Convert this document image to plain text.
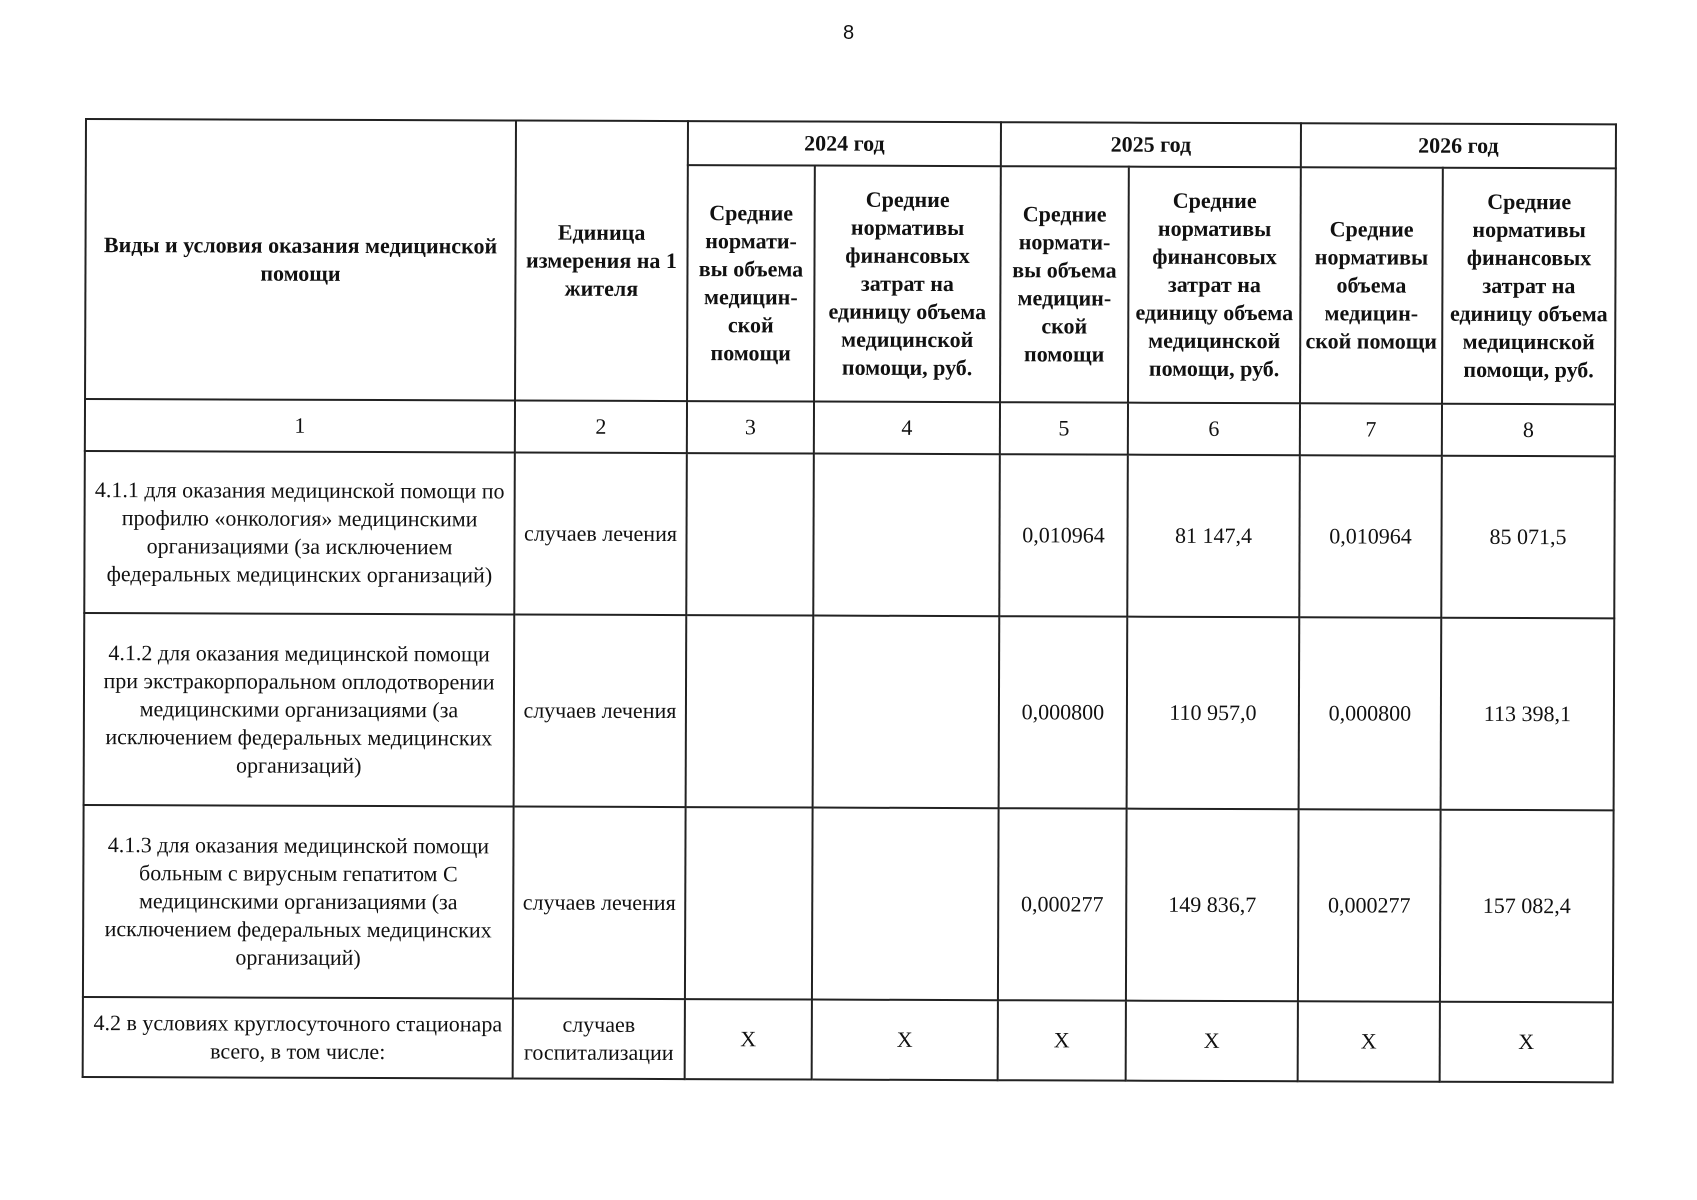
8
Виды и условия оказания медицинской помощи	Единица измерения на 1 жителя	2024 год		2025 год		2026 год	
		Средние нормати-вы объема медицин-ской помощи	Средние нормативы финансовых затрат на единицу объема медицинской помощи, руб.	Средние нормати-вы объема медицин-ской помощи	Средние нормативы финансовых затрат на единицу объема медицинской помощи, руб.	Средние нормативы объема медицин-ской помощи	Средние нормативы финансовых затрат на единицу объема медицинской помощи, руб.
1	2	3	4	5	6	7	8
4.1.1 для оказания медицинской помощи по профилю «онкология» медицинскими организациями (за исключением федеральных медицинских организаций)	случаев лечения			0,010964	81 147,4	0,010964	85 071,5
4.1.2 для оказания медицинской помощи при экстракорпоральном оплодотворении медицинскими организациями (за исключением федеральных медицинских организаций)	случаев лечения			0,000800	110 957,0	0,000800	113 398,1
4.1.3 для оказания медицинской помощи больным с вирусным гепатитом С медицинскими организациями (за исключением федеральных медицинских организаций)	случаев лечения			0,000277	149 836,7	0,000277	157 082,4
4.2 в условиях круглосуточного стационара всего, в том числе:	случаев госпитализации	Х	Х	Х	Х	Х	Х
